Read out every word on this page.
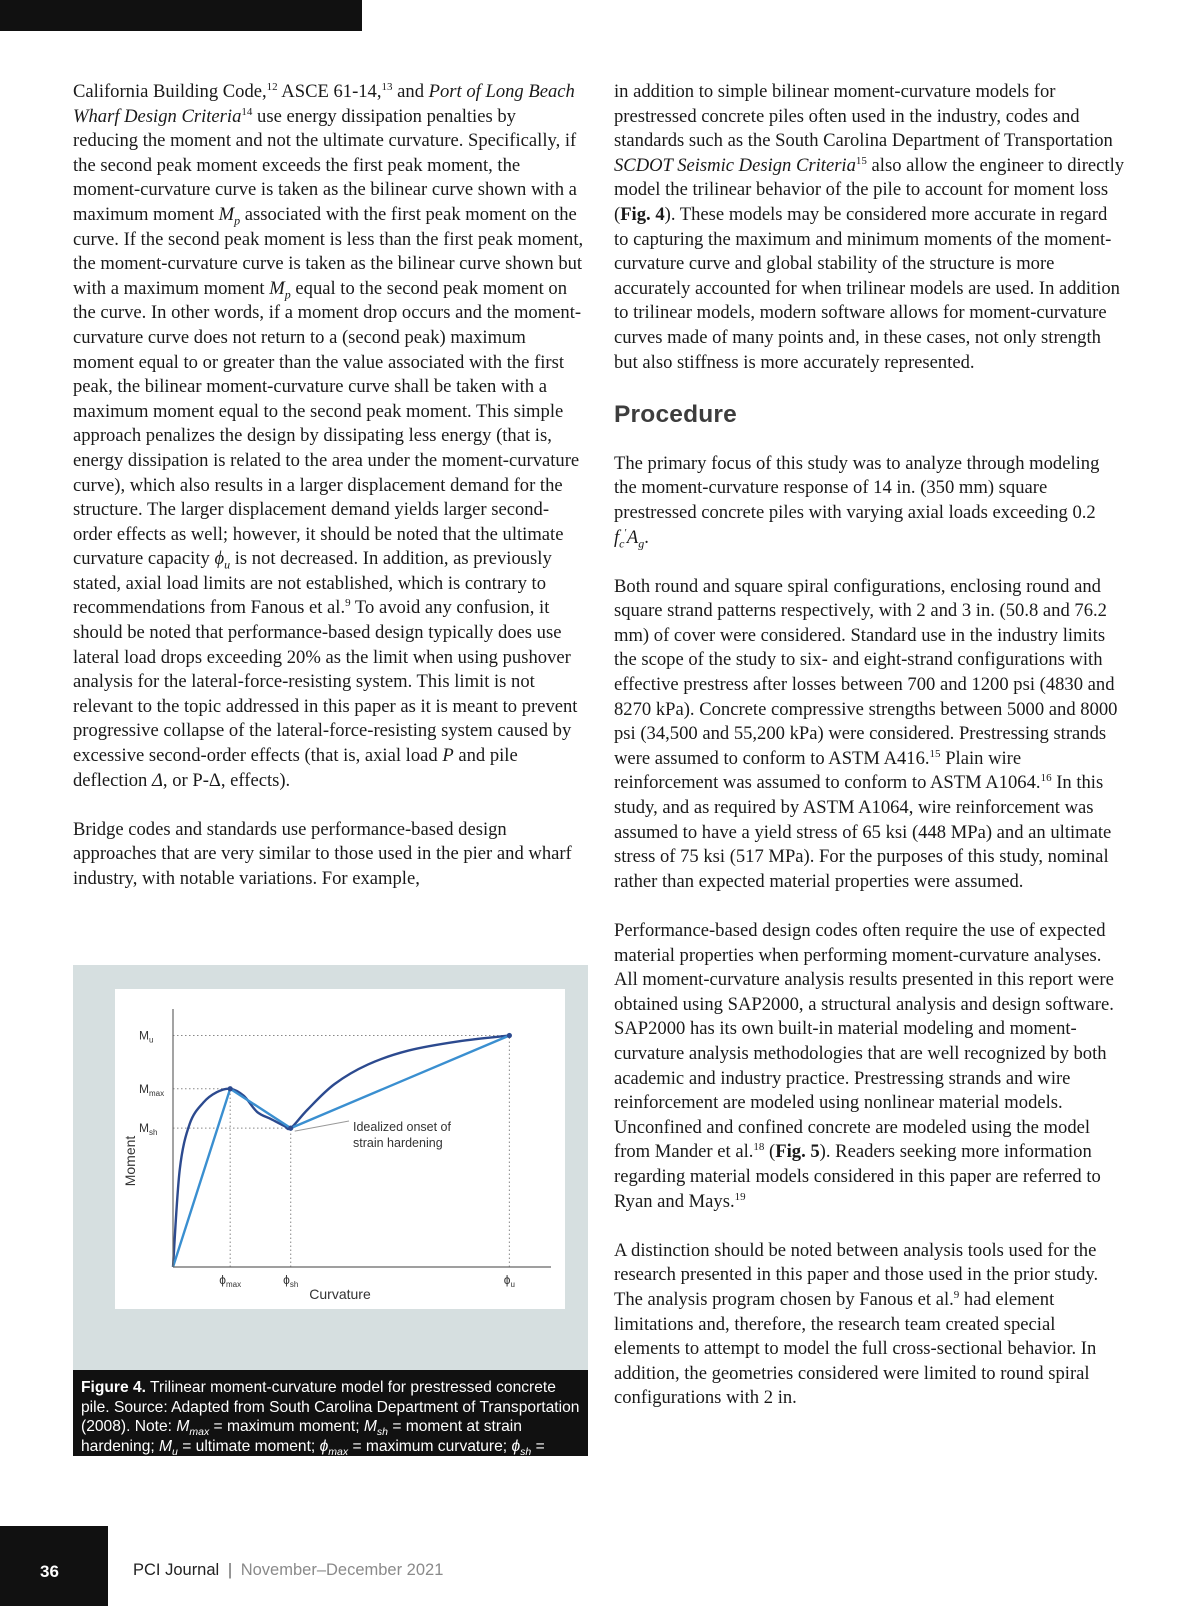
California Building Code,$^{12}$ ASCE 61-14,13 and Port of Long Beach Wharf Design Criteria$^{14}$ use energy dissipation penalties by reducing the moment and not the ultimate curvature. Specifically, if the second peak moment exceeds the first peak moment, the moment-curvature curve is taken as the bilinear curve shown with a maximum moment $M_p$ associated with the first peak moment on the curve. If the second peak moment is less than the first peak moment, the moment-curvature curve is taken as the bilinear curve shown but with a maximum moment $M_p$ equal to the second peak moment on the curve. In other words, if a moment drop occurs and the moment-curvature curve does not return to a (second peak) maximum moment equal to or greater than the value associated with the first peak, the bilinear moment-curvature curve shall be taken with a maximum moment equal to the second peak moment. This simple approach penalizes the design by dissipating less energy (that is, energy dissipation is related to the area under the moment-curvature curve), which also results in a larger displacement demand for the structure. The larger displacement demand yields larger second-order effects as well; however, it should be noted that the ultimate curvature capacity $\phi_u$ is not decreased. In addition, as previously stated, axial load limits are not established, which is contrary to recommendations from Fanous et al.$^9$ To avoid any confusion, it should be noted that performance-based design typically does use lateral load drops exceeding 20% as the limit when using pushover analysis for the lateral-force-resisting system. This limit is not relevant to the topic addressed in this paper as it is meant to prevent progressive collapse of the lateral-force-resisting system caused by excessive second-order effects (that is, axial load P and pile deflection Δ, or P-Δ, effects).

Bridge codes and standards use performance-based design approaches that are very similar to those used in the pier and wharf industry, with notable variations. For example,

in addition to simple bilinear moment-curvature models for prestressed concrete piles often used in the industry, codes and standards such as the South Carolina Department of Transportation SCDOT Seismic Design Criteria$^{15}$ also allow the engineer to directly model the trilinear behavior of the pile to account for moment loss (Fig. 4). These models may be considered more accurate in regard to capturing the maximum and minimum moments of the moment-curvature curve and global stability of the structure is more accurately accounted for when trilinear models are used. In addition to trilinear models, modern software allows for moment-curvature curves made of many points and, in these cases, not only strength but also stiffness is more accurately represented.

Procedure

The primary focus of this study was to analyze through modeling the moment-curvature response of 14 in. (350 mm) square prestressed concrete piles with varying axial loads exceeding 0.2 $f_c'A_g$.

Both round and square spiral configurations, enclosing round and square strand patterns respectively, with 2 and 3 in. (50.8 and 76.2 mm) of cover were considered. Standard use in the industry limits the scope of the study to six- and eight-strand configurations with effective prestress after losses between 700 and 1200 psi (4830 and 8270 kPa). Concrete compressive strengths between 5000 and 8000 psi (34,500 and 55,200 kPa) were considered. Prestressing strands were assumed to conform to ASTM A416.15 Plain wire reinforcement was assumed to conform to ASTM A1064.16 In this study, and as required by ASTM A1064, wire reinforcement was assumed to have a yield stress of 65 ksi (448 MPa) and an ultimate stress of 75 ksi (517 MPa). For the purposes of this study, nominal rather than expected material properties were assumed.

Performance-based design codes often require the use of expected material properties when performing moment-curvature analyses. All moment-curvature analysis results presented in this report were obtained using SAP2000, a structural analysis and design software. SAP2000 has its own built-in material modeling and moment-curvature analysis methodologies that are well recognized by both academic and industry practice. Prestressing strands and wire reinforcement are modeled using nonlinear material models. Unconfined and confined concrete are modeled using the model from Mander et al.$^{18}$ (Fig. 5). Readers seeking more information regarding material models considered in this paper are referred to Ryan and Mays.$^{19}$

A distinction should be noted between analysis tools used for the research presented in this paper and those used in the prior study. The analysis program chosen by Fanous et al.$^9$ had element limitations and, therefore, the research team created special elements to attempt to model the full cross-sectional behavior. In addition, the geometries considered were limited to round spiral configurations with 2 in.

$M_u$
$M_{max}$
$M_{sh}$
$\phi_{max}$	$\phi_{sh}$	$\phi_u$
Idealized onset of strain hardening
Curvature
Moment
Figure 4. Trilinear moment-curvature model for prestressed concrete pile. Source: Adapted from South Carolina Department of Transportation (2008). Note: $M_{max}$ = maximum moment; $M_{sh}$ = moment at strain hardening; $M_u$ = ultimate moment; $\phi_{max}$ = maximum curvature; $\phi_{sh}$ = curvature at strain hardening; $\phi_u$ = ultimate curvature.
36	PCI Journal | November–December 2021
